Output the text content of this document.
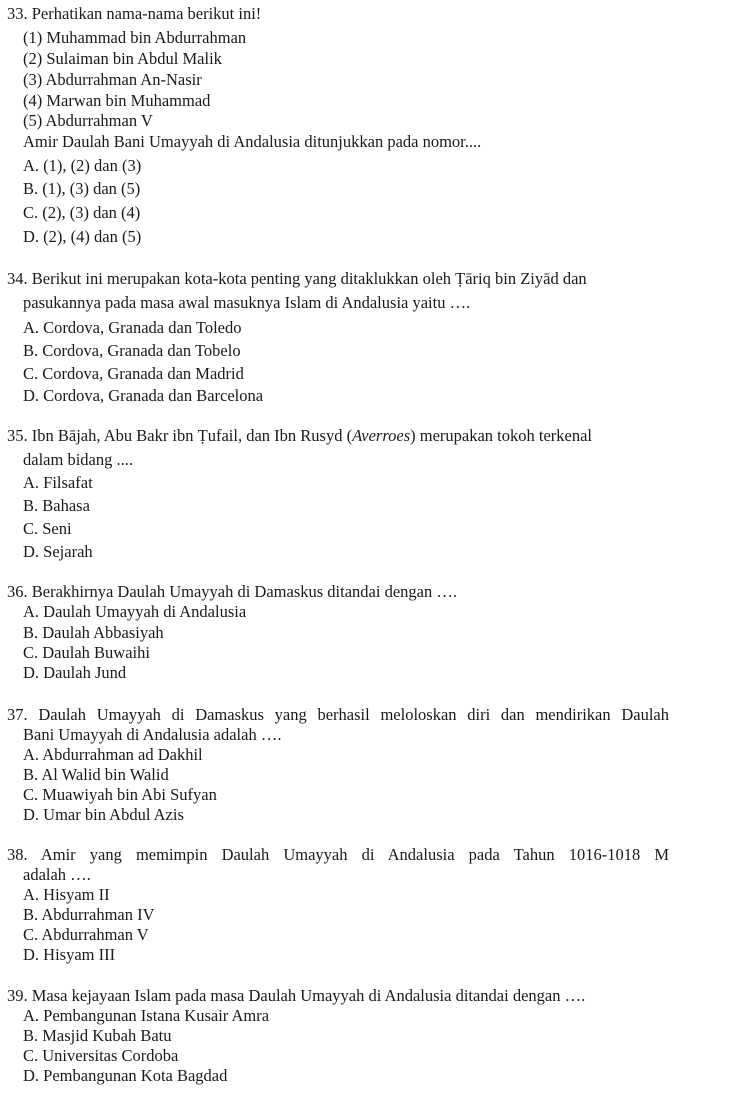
33. Perhatikan nama-nama berikut ini!
(1) Muhammad bin Abdurrahman
(2) Sulaiman bin Abdul Malik
(3) Abdurrahman An-Nasir
(4) Marwan bin Muhammad
(5) Abdurrahman V
Amir Daulah Bani Umayyah di Andalusia ditunjukkan pada nomor....
A. (1), (2) dan (3)
B. (1), (3) dan (5)
C. (2), (3) dan (4)
D. (2), (4) dan (5)
34. Berikut ini merupakan kota-kota penting yang ditaklukkan oleh Ṭāriq bin Ziyād dan
pasukannya pada masa awal masuknya Islam di Andalusia yaitu ….
A. Cordova, Granada dan Toledo
B. Cordova, Granada dan Tobelo
C. Cordova, Granada dan Madrid
D. Cordova, Granada dan Barcelona
35. Ibn Bājah, Abu Bakr ibn Ṭufail, dan Ibn Rusyd (Averroes) merupakan tokoh terkenal
dalam bidang ....
A. Filsafat
B. Bahasa
C. Seni
D. Sejarah
36. Berakhirnya Daulah Umayyah di Damaskus ditandai dengan ….
A. Daulah Umayyah di Andalusia
B. Daulah Abbasiyah
C. Daulah Buwaihi
D. Daulah Jund
37. Daulah Umayyah di Damaskus yang berhasil meloloskan diri dan mendirikan Daulah
Bani Umayyah di Andalusia adalah ….
A. Abdurrahman ad Dakhil
B. Al Walid bin Walid
C. Muawiyah bin Abi Sufyan
D. Umar bin Abdul Azis
38. Amir yang memimpin Daulah Umayyah di Andalusia pada Tahun 1016-1018 M
adalah ….
A. Hisyam II
B. Abdurrahman IV
C. Abdurrahman V
D. Hisyam III
39. Masa kejayaan Islam pada masa Daulah Umayyah di Andalusia ditandai dengan ….
A. Pembangunan Istana Kusair Amra
B. Masjid Kubah Batu
C. Universitas Cordoba
D. Pembangunan Kota Bagdad
